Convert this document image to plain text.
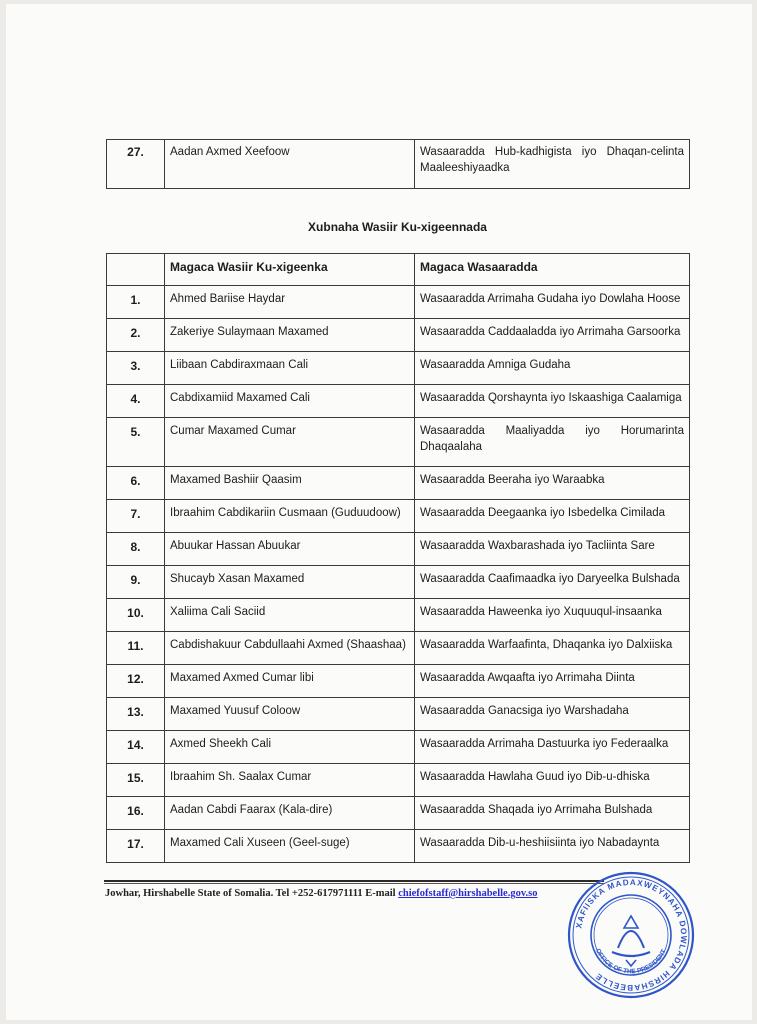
27.	Aadan Axmed Xeefoow	Wasaaradda Hub-kadhigista iyo Dhaqan-celinta Maaleeshiyaadka
Xubnaha Wasiir Ku-xigeennada
	Magaca Wasiir Ku-xigeenka	Magaca Wasaaradda
1.	Ahmed Bariise Haydar	Wasaaradda Arrimaha Gudaha iyo Dowlaha Hoose
2.	Zakeriye Sulaymaan Maxamed	Wasaaradda Caddaaladda iyo Arrimaha Garsoorka
3.	Liibaan Cabdiraxmaan Cali	Wasaaradda Amniga Gudaha
4.	Cabdixamiid Maxamed Cali	Wasaaradda Qorshaynta iyo Iskaashiga Caalamiga
5.	Cumar Maxamed Cumar	Wasaaradda Maaliyadda iyo Horumarinta Dhaqaalaha
6.	Maxamed Bashiir Qaasim	Wasaaradda Beeraha iyo Waraabka
7.	Ibraahim Cabdikariin Cusmaan (Guduudoow)	Wasaaradda Deegaanka iyo Isbedelka Cimilada
8.	Abuukar Hassan Abuukar	Wasaaradda Waxbarashada iyo Tacliinta Sare
9.	Shucayb Xasan Maxamed	Wasaaradda Caafimaadka iyo Daryeelka Bulshada
10.	Xaliima Cali Saciid	Wasaaradda Haweenka iyo Xuquuqul-insaanka
11.	Cabdishakuur Cabdullaahi Axmed (Shaashaa)	Wasaaradda Warfaafinta, Dhaqanka iyo Dalxiiska
12.	Maxamed Axmed Cumar libi	Wasaaradda Awqaafta iyo Arrimaha Diinta
13.	Maxamed Yuusuf Coloow	Wasaaradda Ganacsiga iyo Warshadaha
14.	Axmed Sheekh Cali	Wasaaradda Arrimaha Dastuurka iyo Federaalka
15.	Ibraahim Sh. Saalax Cumar	Wasaaradda Hawlaha Guud iyo Dib-u-dhiska
16.	Aadan Cabdi Faarax (Kala-dire)	Wasaaradda Shaqada iyo Arrimaha Bulshada
17.	Maxamed Cali Xuseen (Geel-suge)	Wasaaradda Dib-u-heshiisiinta iyo Nabadaynta
Jowhar, Hirshabelle State of Somalia. Tel +252-617971111 E-mail chiefofstaff@hirshabelle.gov.so
XAFIISKA MADAXWEYNAHA DOWLADA HIRSHABEELLE
OFFICE OF THE PRESIDENT
